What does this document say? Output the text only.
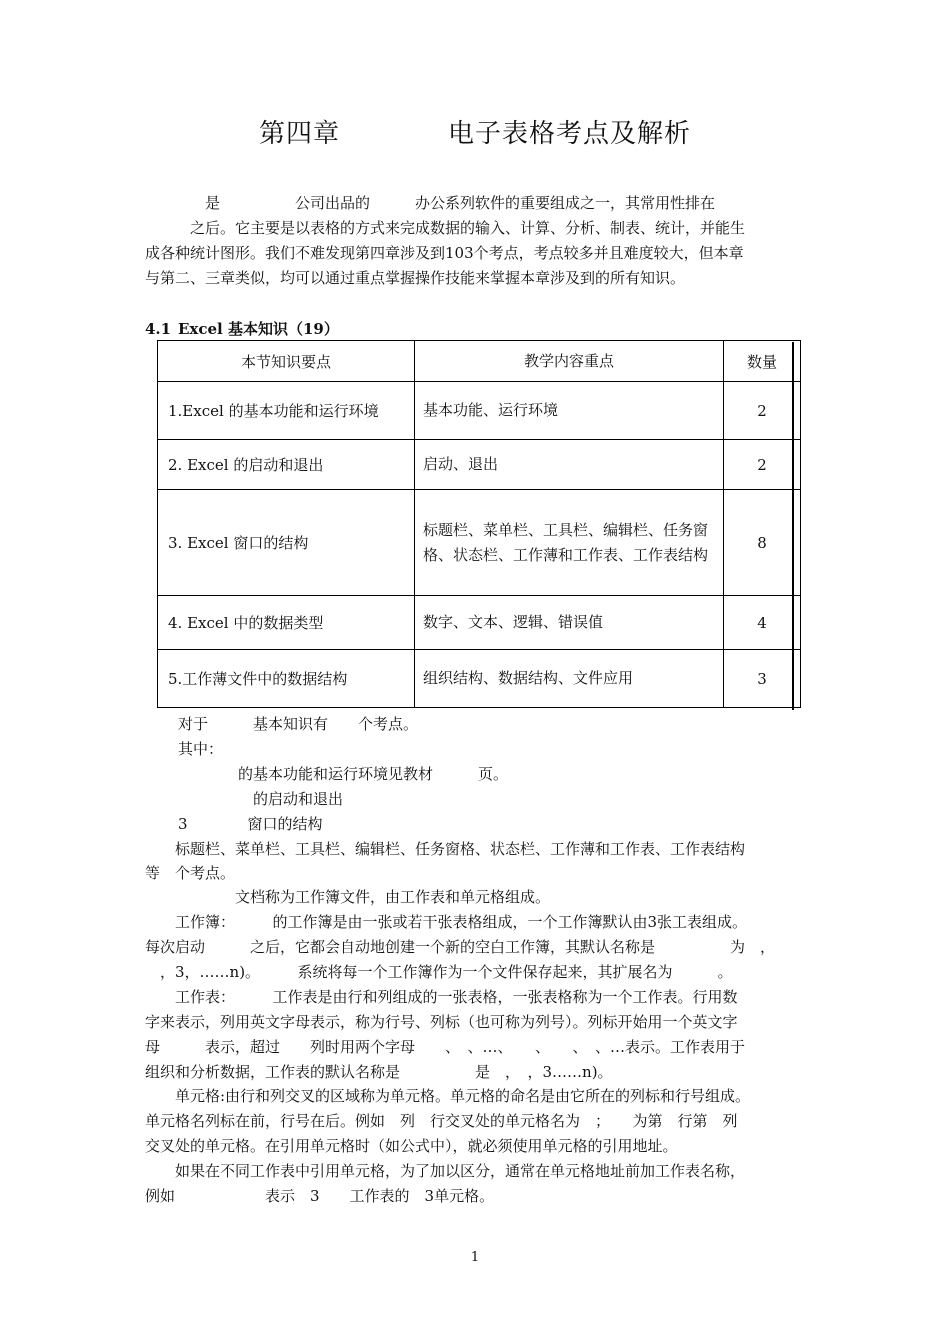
第四章	电子表格考点及解析
　　　　是　　　　　公司出品的　　　办公系列软件的重要组成之一，其常用性排在
　　　之后。它主要是以表格的方式来完成数据的输入、计算、分析、制表、统计，并能生
成各种统计图形。我们不难发现第四章涉及到103个考点，考点较多并且难度较大，但本章
与第二、三章类似，均可以通过重点掌握操作技能来掌握本章涉及到的所有知识。
4.1 Excel 基本知识（19）
本节知识要点	教学内容重点	数量
1.Excel 的基本功能和运行环境	基本功能、运行环境	2
2. Excel 的启动和退出	启动、退出	2
3. Excel 窗口的结构	标题栏、菜单栏、工具栏、编辑栏、任务窗格、状态栏、工作薄和工作表、工作表结构	8
4. Excel 中的数据类型	数字、文本、逻辑、错误值	4
5.工作薄文件中的数据结构	组织结构、数据结构、文件应用	3
对于　　　基本知识有　　个考点。
其中：
　　　　的基本功能和运行环境见教材　　　页。
　　　　　的启动和退出
3　　　　窗口的结构
　　标题栏、菜单栏、工具栏、编辑栏、任务窗格、状态栏、工作薄和工作表、工作表结构
等　个考点。
　　　　　　文档称为工作簿文件，由工作表和单元格组成。
　　工作簿：　　　的工作簿是由一张或若干张表格组成，一个工作簿默认由3张工表组成。
每次启动　　　之后，它都会自动地创建一个新的空白工作簿，其默认名称是　　　　　为　，
　，3，……n)。　　　系统将每一个工作簿作为一个文件保存起来，其扩展名为　　　。
　　工作表：　　　工作表是由行和列组成的一张表格，一张表格称为一个工作表。行用数
字来表示，列用英文字母表示，称为行号、列标（也可称为列号）。列标开始用一个英文字
母　　　表示，超过　　列时用两个字母　　、　、…、　　、　　、　、…表示。工作表用于
组织和分析数据，工作表的默认名称是　　　　　是　，　，3……n)。
　　单元格:由行和列交叉的区域称为单元格。单元格的命名是由它所在的列标和行号组成。
单元格名列标在前，行号在后。例如　列　行交叉处的单元格名为　；　　为第　行第　列
交叉处的单元格。在引用单元格时（如公式中），就必须使用单元格的引用地址。
　　如果在不同工作表中引用单元格，为了加以区分，通常在单元格地址前加工作表名称，
例如　　　　　　表示　3　　工作表的　3单元格。
1
